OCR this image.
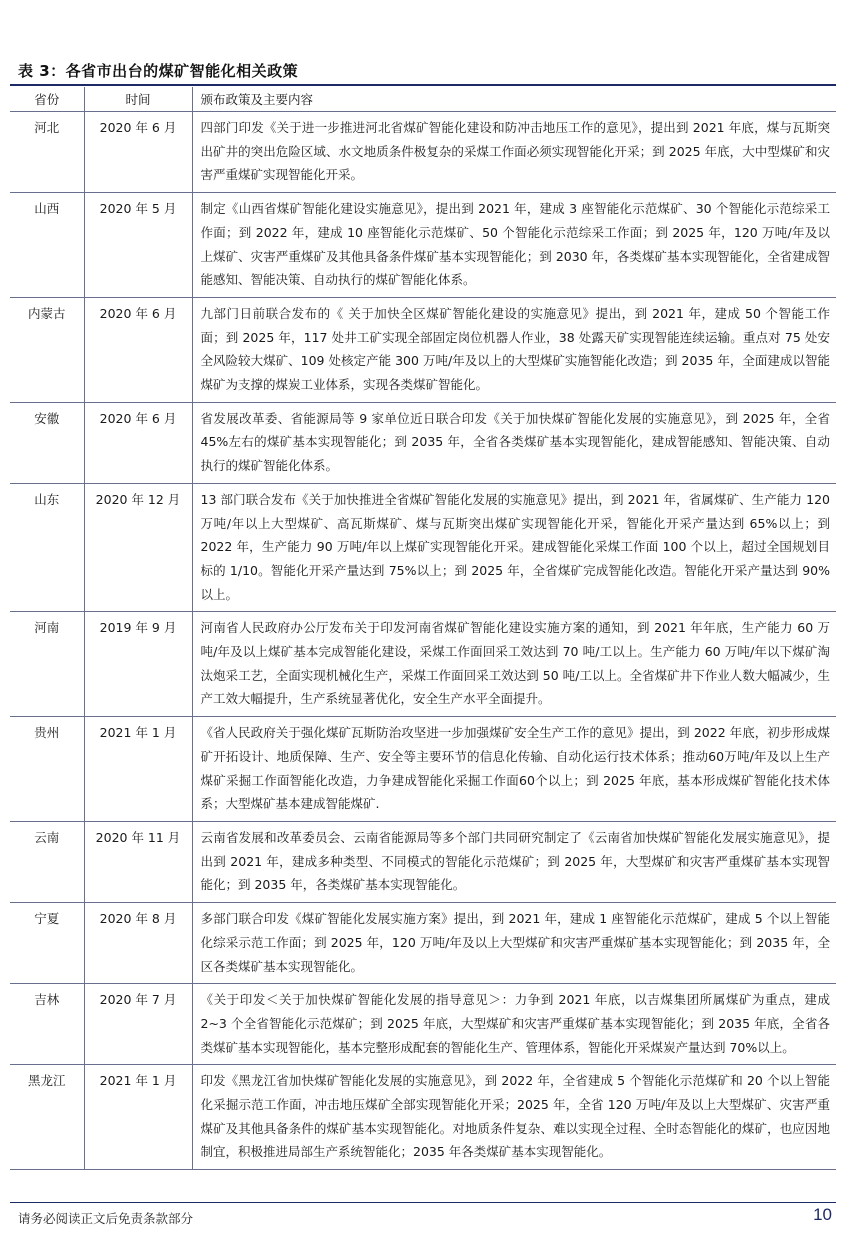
表 3：各省市出台的煤矿智能化相关政策
省份	时间	颁布政策及主要内容
河北	2020 年 6 月	四部门印发《关于进一步推进河北省煤矿智能化建设和防冲击地压工作的意见》，提出到 2021 年底，煤与瓦斯突出矿井的突出危险区域、水文地质条件极复杂的采煤工作面必须实现智能化开采；到 2025 年底，大中型煤矿和灾害严重煤矿实现智能化开采。
山西	2020 年 5 月	制定《山西省煤矿智能化建设实施意见》，提出到 2021 年，建成 3 座智能化示范煤矿、30 个智能化示范综采工作面；到 2022 年，建成 10 座智能化示范煤矿、50 个智能化示范综采工作面；到 2025 年，120 万吨/年及以上煤矿、灾害严重煤矿及其他具备条件煤矿基本实现智能化；到 2030 年，各类煤矿基本实现智能化，全省建成智能感知、智能决策、自动执行的煤矿智能化体系。
内蒙古	2020 年 6 月	九部门日前联合发布的《 关于加快全区煤矿智能化建设的实施意见》提出，到 2021 年，建成 50 个智能工作面；到 2025 年，117 处井工矿实现全部固定岗位机器人作业，38 处露天矿实现智能连续运输。重点对 75 处安全风险较大煤矿、109 处核定产能 300 万吨/年及以上的大型煤矿实施智能化改造；到 2035 年，全面建成以智能煤矿为支撑的煤炭工业体系，实现各类煤矿智能化。
安徽	2020 年 6 月	省发展改革委、省能源局等 9 家单位近日联合印发《关于加快煤矿智能化发展的实施意见》，到 2025 年，全省 45%左右的煤矿基本实现智能化；到 2035 年，全省各类煤矿基本实现智能化，建成智能感知、智能决策、自动执行的煤矿智能化体系。
山东	2020 年 12 月	13 部门联合发布《关于加快推进全省煤矿智能化发展的实施意见》提出，到 2021 年，省属煤矿、生产能力 120 万吨/年以上大型煤矿、高瓦斯煤矿、煤与瓦斯突出煤矿实现智能化开采，智能化开采产量达到 65%以上；到 2022 年，生产能力 90 万吨/年以上煤矿实现智能化开采。建成智能化采煤工作面 100 个以上，超过全国规划目标的 1/10。智能化开采产量达到 75%以上；到 2025 年，全省煤矿完成智能化改造。智能化开采产量达到 90%以上。
河南	2019 年 9 月	河南省人民政府办公厅发布关于印发河南省煤矿智能化建设实施方案的通知，到 2021 年年底，生产能力 60 万吨/年及以上煤矿基本完成智能化建设，采煤工作面回采工效达到 70 吨/工以上。生产能力 60 万吨/年以下煤矿淘汰炮采工艺，全面实现机械化生产，采煤工作面回采工效达到 50 吨/工以上。全省煤矿井下作业人数大幅减少，生产工效大幅提升，生产系统显著优化，安全生产水平全面提升。
贵州	2021 年 1 月	《省人民政府关于强化煤矿瓦斯防治攻坚进一步加强煤矿安全生产工作的意见》提出，到 2022 年底，初步形成煤矿开拓设计、地质保障、生产、安全等主要环节的信息化传输、自动化运行技术体系；推动60万吨/年及以上生产煤矿采掘工作面智能化改造，力争建成智能化采掘工作面60个以上；到 2025 年底，基本形成煤矿智能化技术体系；大型煤矿基本建成智能煤矿.
云南	2020 年 11 月	云南省发展和改革委员会、云南省能源局等多个部门共同研究制定了《云南省加快煤矿智能化发展实施意见》，提出到 2021 年，建成多种类型、不同模式的智能化示范煤矿；到 2025 年，大型煤矿和灾害严重煤矿基本实现智能化；到 2035 年，各类煤矿基本实现智能化。
宁夏	2020 年 8 月	多部门联合印发《煤矿智能化发展实施方案》提出，到 2021 年，建成 1 座智能化示范煤矿，建成 5 个以上智能化综采示范工作面；到 2025 年，120 万吨/年及以上大型煤矿和灾害严重煤矿基本实现智能化；到 2035 年，全区各类煤矿基本实现智能化。
吉林	2020 年 7 月	《关于印发＜关于加快煤矿智能化发展的指导意见＞：力争到 2021 年底，以吉煤集团所属煤矿为重点，建成 2~3 个全省智能化示范煤矿；到 2025 年底，大型煤矿和灾害严重煤矿基本实现智能化；到 2035 年底，全省各类煤矿基本实现智能化，基本完整形成配套的智能化生产、管理体系，智能化开采煤炭产量达到 70%以上。
黑龙江	2021 年 1 月	印发《黑龙江省加快煤矿智能化发展的实施意见》，到 2022 年，全省建成 5 个智能化示范煤矿和 20 个以上智能化采掘示范工作面，冲击地压煤矿全部实现智能化开采；2025 年，全省 120 万吨/年及以上大型煤矿、灾害严重煤矿及其他具备条件的煤矿基本实现智能化。对地质条件复杂、难以实现全过程、全时态智能化的煤矿，也应因地制宜，积极推进局部生产系统智能化；2035 年各类煤矿基本实现智能化。
请务必阅读正文后免责条款部分	10
